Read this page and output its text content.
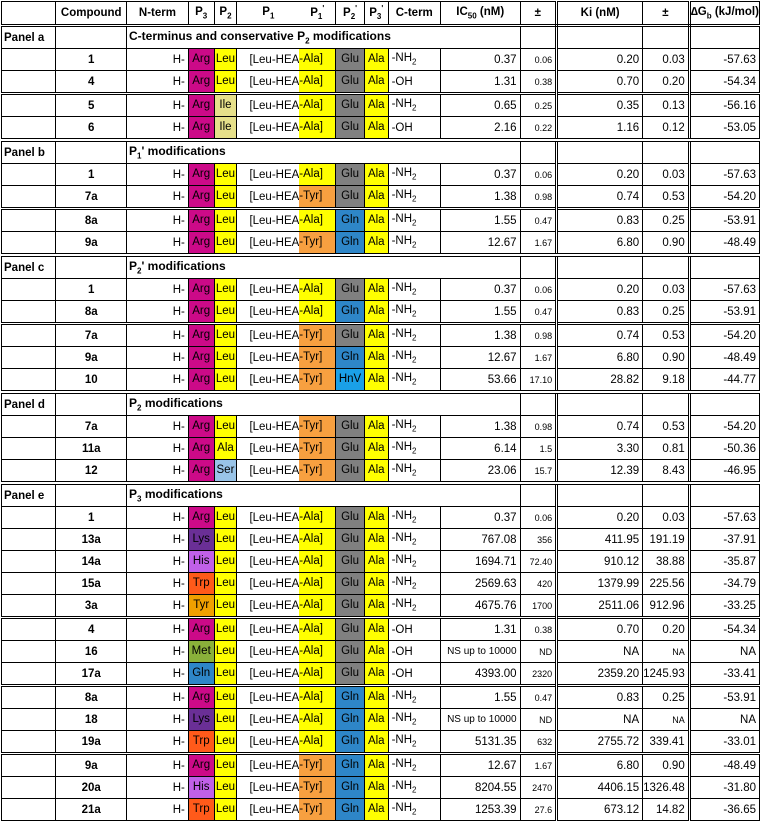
	Compound	N-term	$P_3$	$P_2$	$P_1$	$P_1'$	$P_2'$	$P_3'$	C-term	$IC_{50}$ (nM)	±	Ki (nM)	±	$\Delta G_b$ (kJ/mol)
Panel a		C-terminus and conservative $P_2$ modifications												
	1	H-	Arg	Leu	[Leu-HEA	-Ala]	Glu	Ala	$-NH_2$	0.37	0.06	0.20	0.03	-57.63
	4	H-	Arg	Leu	[Leu-HEA	-Ala]	Glu	Ala	-OH	1.31	0.38	0.70	0.20	-54.34
	5	H-	Arg	Ile	[Leu-HEA	-Ala]	Glu	Ala	$-NH_2$	0.65	0.25	0.35	0.13	-56.16
	6	H-	Arg	Ile	[Leu-HEA	-Ala]	Glu	Ala	-OH	2.16	0.22	1.16	0.12	-53.05
Panel b		$P_1'$ modifications												
	1	H-	Arg	Leu	[Leu-HEA	-Ala]	Glu	Ala	$-NH_2$	0.37	0.06	0.20	0.03	-57.63
	7a	H-	Arg	Leu	[Leu-HEA	-Tyr]	Glu	Ala	$-NH_2$	1.38	0.98	0.74	0.53	-54.20
	8a	H-	Arg	Leu	[Leu-HEA	-Ala]	Gln	Ala	$-NH_2$	1.55	0.47	0.83	0.25	-53.91
	9a	H-	Arg	Leu	[Leu-HEA	-Tyr]	Gln	Ala	$-NH_2$	12.67	1.67	6.80	0.90	-48.49
Panel c		$P_2'$ modifications												
	1	H-	Arg	Leu	[Leu-HEA	-Ala]	Glu	Ala	$-NH_2$	0.37	0.06	0.20	0.03	-57.63
	8a	H-	Arg	Leu	[Leu-HEA	-Ala]	Gln	Ala	$-NH_2$	1.55	0.47	0.83	0.25	-53.91
	7a	H-	Arg	Leu	[Leu-HEA	-Tyr]	Glu	Ala	$-NH_2$	1.38	0.98	0.74	0.53	-54.20
	9a	H-	Arg	Leu	[Leu-HEA	-Tyr]	Gln	Ala	$-NH_2$	12.67	1.67	6.80	0.90	-48.49
	10	H-	Arg	Leu	[Leu-HEA	-Tyr]	HnV	Ala	$-NH_2$	53.66	17.10	28.82	9.18	-44.77
Panel d		$P_2$ modifications												
	7a	H-	Arg	Leu	[Leu-HEA	-Tyr]	Glu	Ala	$-NH_2$	1.38	0.98	0.74	0.53	-54.20
	11a	H-	Arg	Ala	[Leu-HEA	-Tyr]	Glu	Ala	$-NH_2$	6.14	1.5	3.30	0.81	-50.36
	12	H-	Arg	Ser	[Leu-HEA	-Tyr]	Glu	Ala	$-NH_2$	23.06	15.7	12.39	8.43	-46.95
Panel e		$P_3$ modifications												
	1	H-	Arg	Leu	[Leu-HEA	-Ala]	Glu	Ala	$-NH_2$	0.37	0.06	0.20	0.03	-57.63
	13a	H-	Lys	Leu	[Leu-HEA	-Ala]	Glu	Ala	$-NH_2$	767.08	356	411.95	191.19	-37.91
	14a	H-	His	Leu	[Leu-HEA	-Ala]	Glu	Ala	$-NH_2$	1694.71	72.40	910.12	38.88	-35.87
	15a	H-	Trp	Leu	[Leu-HEA	-Ala]	Glu	Ala	$-NH_2$	2569.63	420	1379.99	225.56	-34.79
	3a	H-	Tyr	Leu	[Leu-HEA	-Ala]	Glu	Ala	$-NH_2$	4675.76	1700	2511.06	912.96	-33.25
	4	H-	Arg	Leu	[Leu-HEA	-Ala]	Glu	Ala	-OH	1.31	0.38	0.70	0.20	-54.34
	16	H-	Met	Leu	[Leu-HEA	-Ala]	Glu	Ala	-OH	NS up to 10000	ND	NA	NA	NA
	17a	H-	Gln	Leu	[Leu-HEA	-Ala]	Glu	Ala	-OH	4393.00	2320	2359.20	1245.93	-33.41
	8a	H-	Arg	Leu	[Leu-HEA	-Ala]	Gln	Ala	$-NH_2$	1.55	0.47	0.83	0.25	-53.91
	18	H-	Lys	Leu	[Leu-HEA	-Ala]	Gln	Ala	$-NH_2$	NS up to 10000	ND	NA	NA	NA
	19a	H-	Trp	Leu	[Leu-HEA	-Ala]	Gln	Ala	$-NH_2$	5131.35	632	2755.72	339.41	-33.01
	9a	H-	Arg	Leu	[Leu-HEA	-Tyr]	Gln	Ala	$-NH_2$	12.67	1.67	6.80	0.90	-48.49
	20a	H-	His	Leu	[Leu-HEA	-Tyr]	Gln	Ala	$-NH_2$	8204.55	2470	4406.15	1326.48	-31.80
	21a	H-	Trp	Leu	[Leu-HEA	-Tyr]	Gln	Ala	$-NH_2$	1253.39	27.6	673.12	14.82	-36.65
